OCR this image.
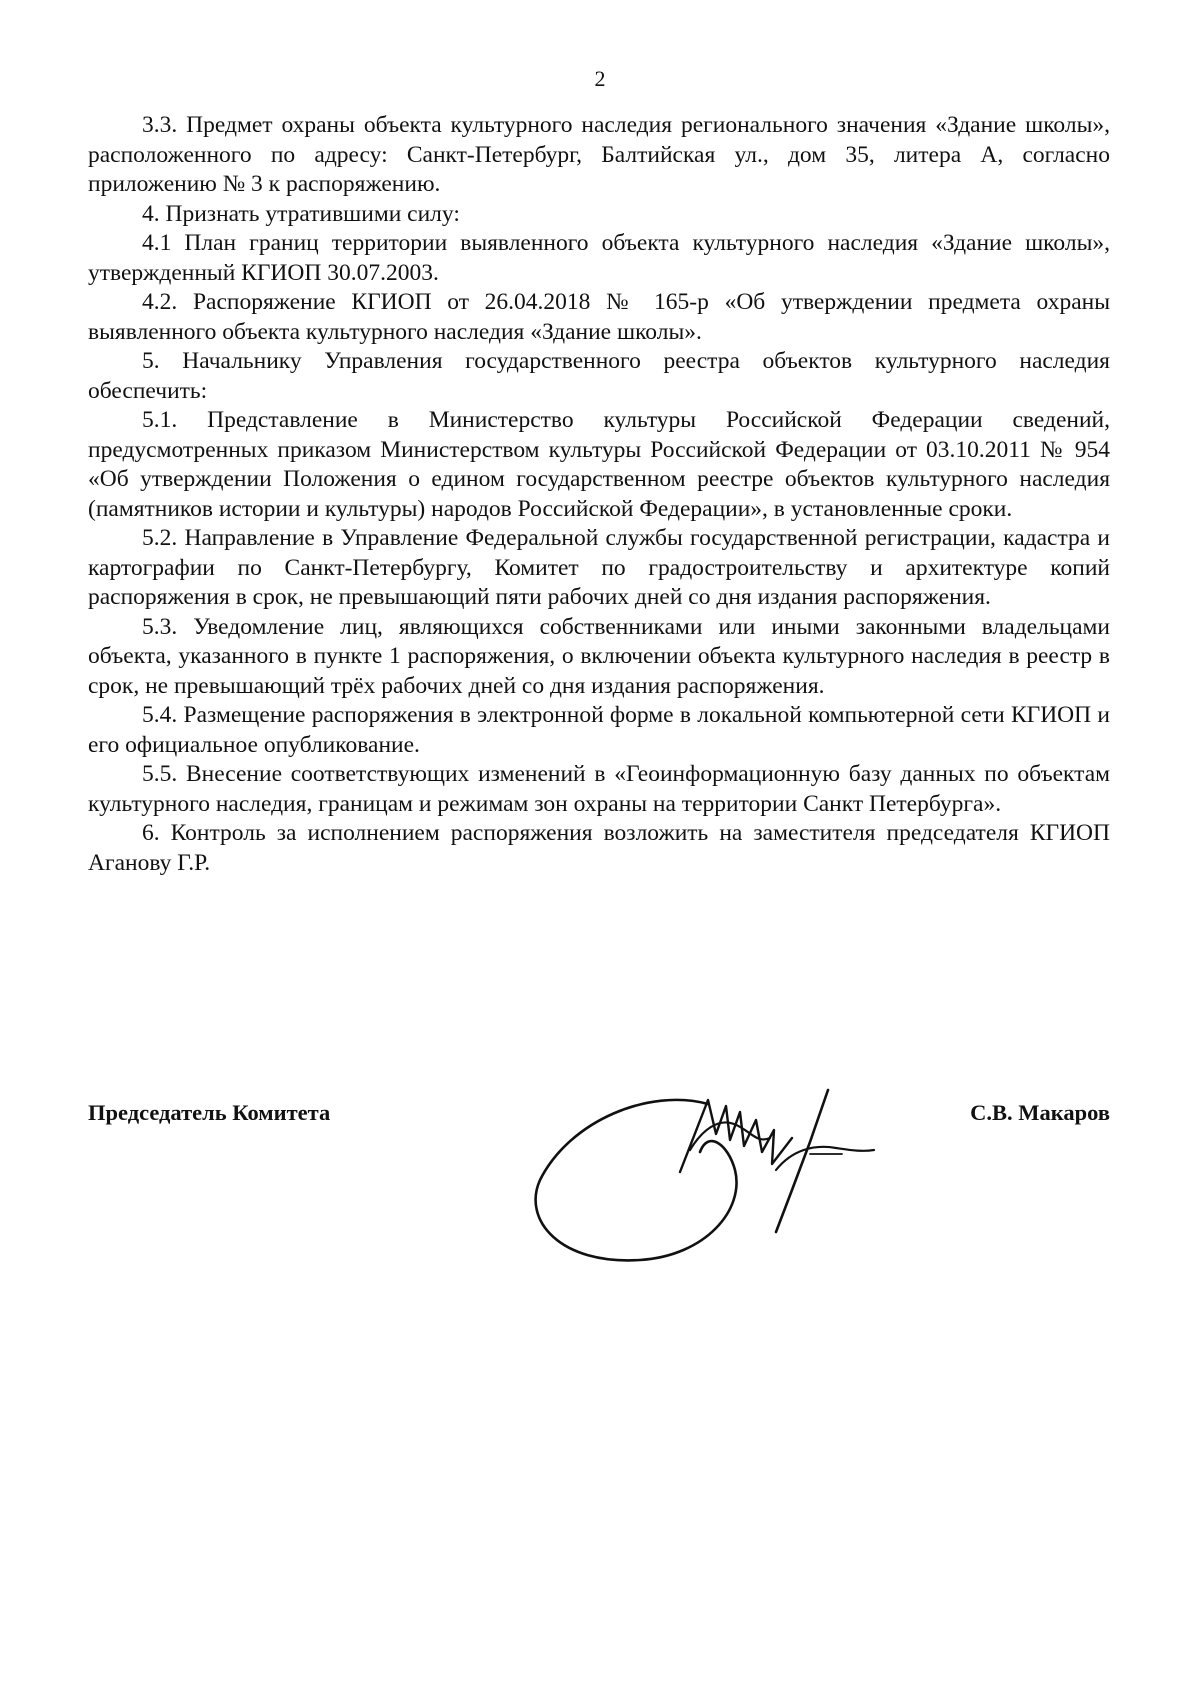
2

3.3. Предмет охраны объекта культурного наследия регионального значения «Здание школы», расположенного по адресу: Санкт-Петербург, Балтийская ул., дом 35, литера А, согласно приложению № 3 к распоряжению.

4. Признать утратившими силу:

4.1 План границ территории выявленного объекта культурного наследия «Здание школы», утвержденный КГИОП 30.07.2003.

4.2. Распоряжение КГИОП от 26.04.2018 № 165-р «Об утверждении предмета охраны выявленного объекта культурного наследия «Здание школы».

5. Начальнику Управления государственного реестра объектов культурного наследия обеспечить:

5.1. Представление в Министерство культуры Российской Федерации сведений, предусмотренных приказом Министерством культуры Российской Федерации от 03.10.2011 № 954 «Об утверждении Положения о едином государственном реестре объектов культурного наследия (памятников истории и культуры) народов Российской Федерации», в установленные сроки.

5.2. Направление в Управление Федеральной службы государственной регистрации, кадастра и картографии по Санкт-Петербургу, Комитет по градостроительству и архитектуре копий распоряжения в срок, не превышающий пяти рабочих дней со дня издания распоряжения.

5.3. Уведомление лиц, являющихся собственниками или иными законными владельцами объекта, указанного в пункте 1 распоряжения, о включении объекта культурного наследия в реестр в срок, не превышающий трёх рабочих дней со дня издания распоряжения.

5.4. Размещение распоряжения в электронной форме в локальной компьютерной сети КГИОП и его официальное опубликование.

5.5. Внесение соответствующих изменений в «Геоинформационную базу данных по объектам культурного наследия, границам и режимам зон охраны на территории Санкт Петербурга».

6. Контроль за исполнением распоряжения возложить на заместителя председателя КГИОП Аганову Г.Р.

Председатель Комитета	С.В. Макаров
